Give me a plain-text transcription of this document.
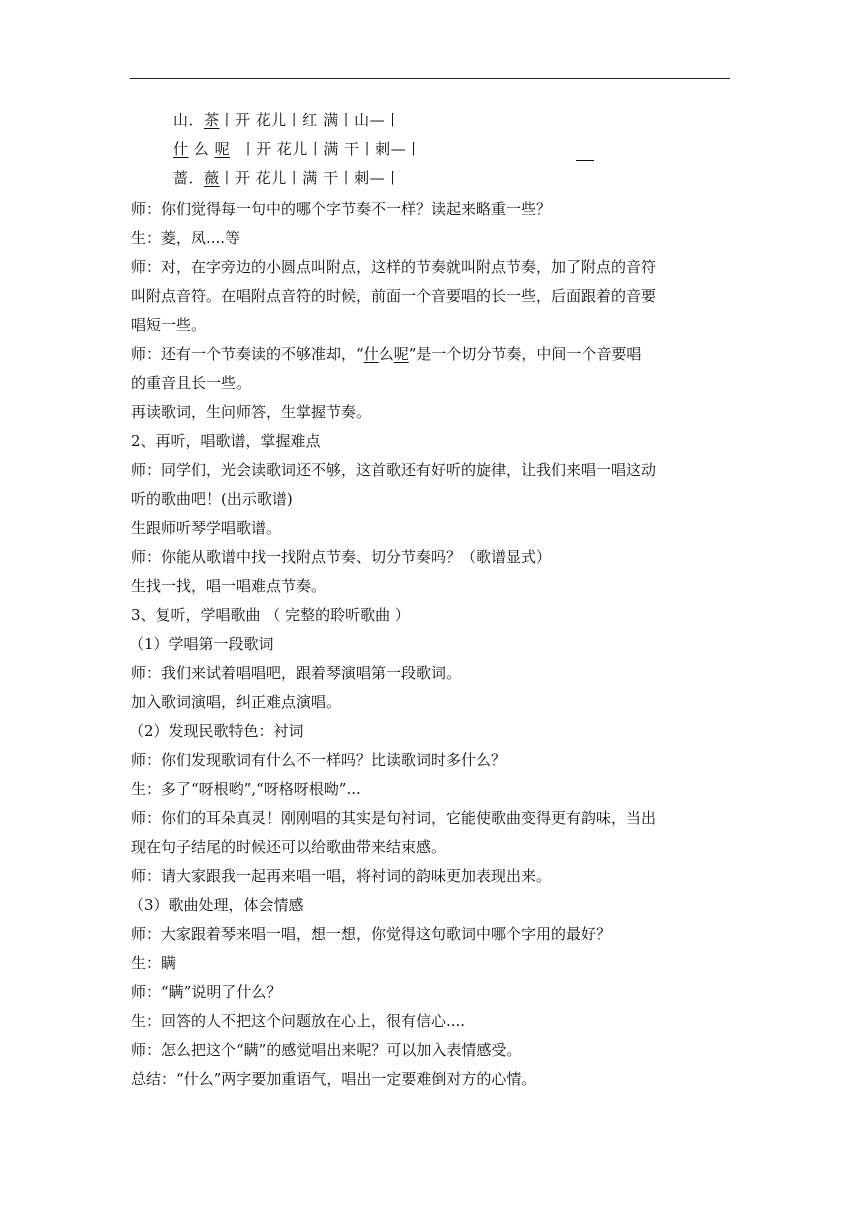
山．茶丨开 花儿丨红 满丨山—丨
什 么 呢  丨开 花儿丨满 干丨刺—丨
蔷．薇丨开 花儿丨满 干丨刺—丨
师：你们觉得每一句中的哪个字节奏不一样？读起来略重一些？
生：菱，凤....等
师：对，在字旁边的小圆点叫附点，这样的节奏就叫附点节奏，加了附点的音符
叫附点音符。在唱附点音符的时候，前面一个音要唱的长一些，后面跟着的音要
唱短一些。
师：还有一个节奏读的不够准却，“什么呢”是一个切分节奏，中间一个音要唱
的重音且长一些。
再读歌词，生问师答，生掌握节奏。
2、再听，唱歌谱，掌握难点
师：同学们，光会读歌词还不够，这首歌还有好听的旋律，让我们来唱一唱这动
听的歌曲吧！(出示歌谱)
生跟师听琴学唱歌谱。
师：你能从歌谱中找一找附点节奏、切分节奏吗？（歌谱显式）
生找一找，唱一唱难点节奏。
3、复听，学唱歌曲 （ 完整的聆听歌曲 ）
（1）学唱第一段歌词
师：我们来试着唱唱吧，跟着琴演唱第一段歌词。
加入歌词演唱，纠正难点演唱。
（2）发现民歌特色：衬词
师：你们发现歌词有什么不一样吗？比读歌词时多什么？
生：多了“呀根哟”,“呀格呀根呦”...
师：你们的耳朵真灵！刚刚唱的其实是句衬词，它能使歌曲变得更有韵味，当出
现在句子结尾的时候还可以给歌曲带来结束感。
师：请大家跟我一起再来唱一唱，将衬词的韵味更加表现出来。
（3）歌曲处理，体会情感
师：大家跟着琴来唱一唱，想一想，你觉得这句歌词中哪个字用的最好？
生：瞒
师：“瞒”说明了什么？
生：回答的人不把这个问题放在心上，很有信心....
师：怎么把这个“瞒”的感觉唱出来呢？可以加入表情感受。
总结：“什么”两字要加重语气，唱出一定要难倒对方的心情。
